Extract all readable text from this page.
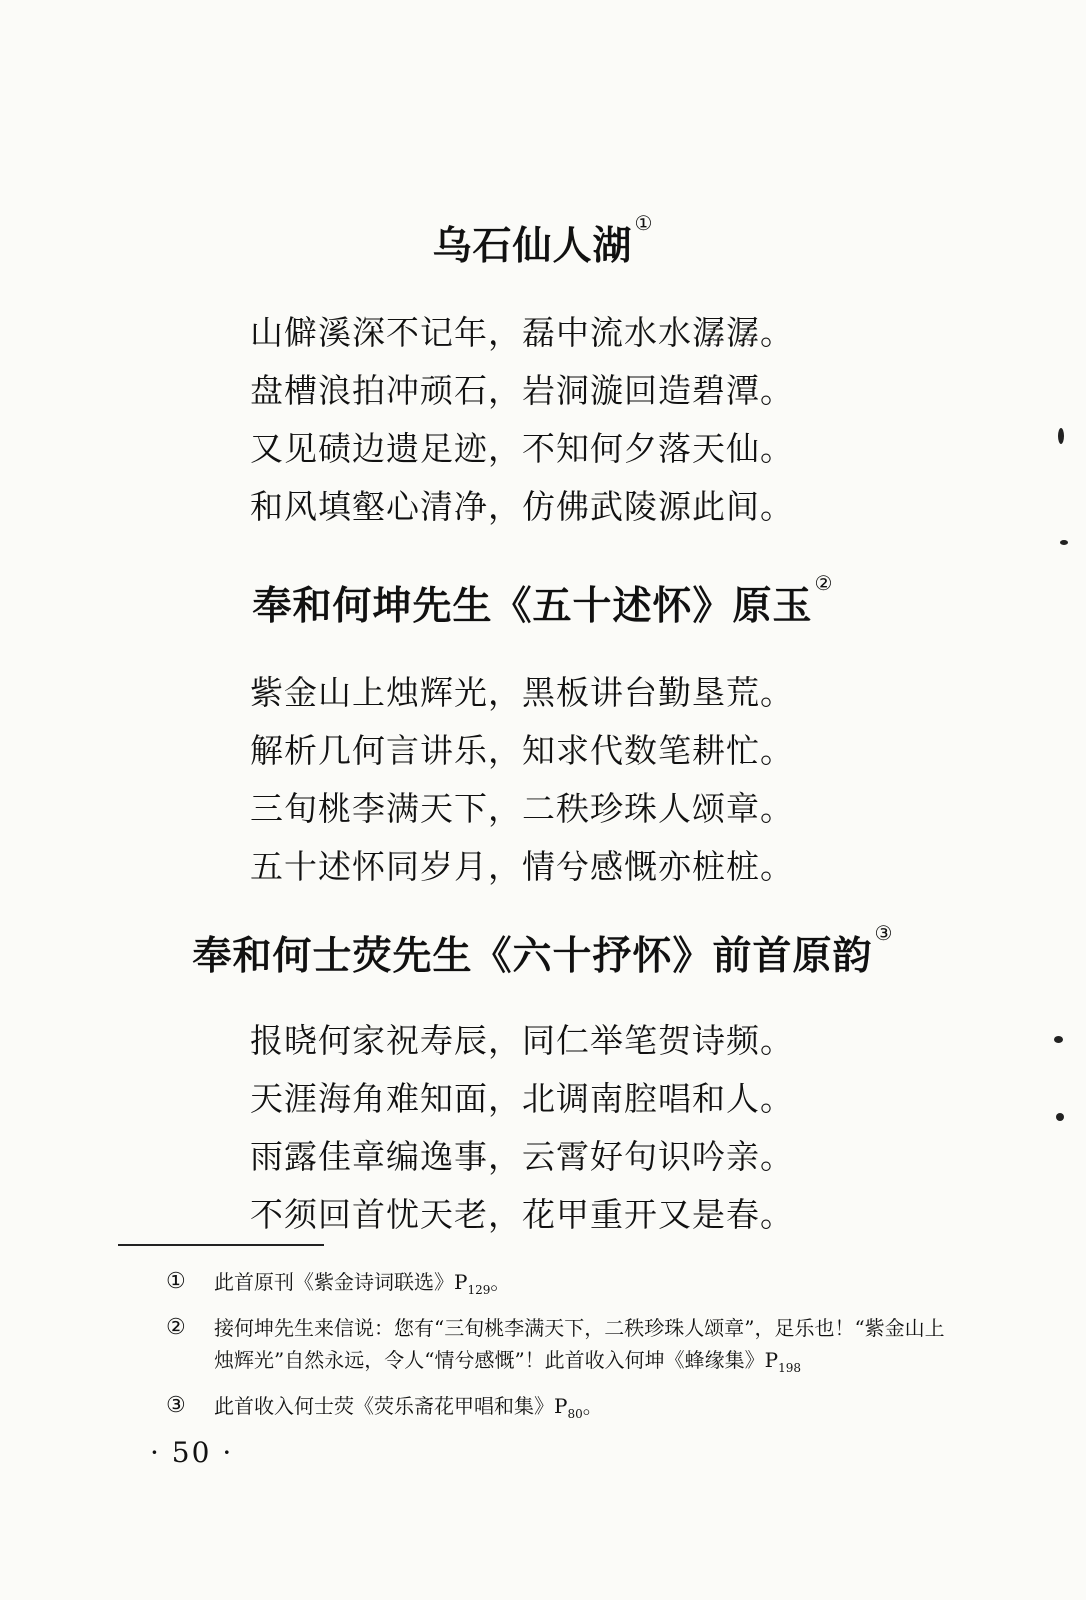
乌石仙人湖①
山僻溪深不记年，磊中流水水潺潺。
盘槽浪拍冲顽石，岩洞漩回造碧潭。
又见碛边遗足迹，不知何夕落天仙。
和风填壑心清净，仿佛武陵源此间。
奉和何坤先生《五十述怀》原玉②
紫金山上烛辉光，黑板讲台勤垦荒。
解析几何言讲乐，知求代数笔耕忙。
三旬桃李满天下，二秩珍珠人颂章。
五十述怀同岁月，情兮感慨亦桩桩。
奉和何士荧先生《六十抒怀》前首原韵③
报晓何家祝寿辰，同仁举笔贺诗频。
天涯海角难知面，北调南腔唱和人。
雨露佳章编逸事，云霄好句识吟亲。
不须回首忧天老，花甲重开又是春。
① 此首原刊《紫金诗词联选》$P_{129}$。
② 接何坤先生来信说：您有“三旬桃李满天下，二秩珍珠人颂章”，足乐也！“紫金山上烛辉光”自然永远，令人“情兮感慨”！此首收入何坤《蜂缘集》$P_{198}$
③ 此首收入何士荧《荧乐斋花甲唱和集》$P_{80}$。
· 50 ·
